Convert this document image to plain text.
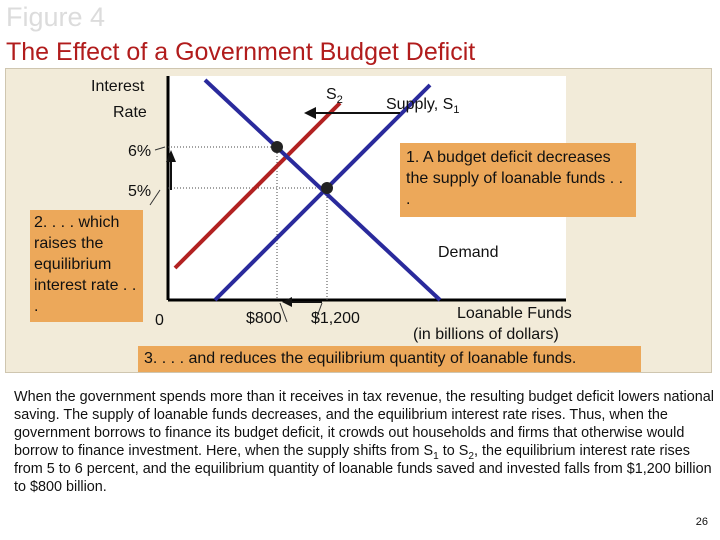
Figure 4
The Effect of a Government Budget Deficit
Interest
Rate
6%
5%
0	$800 $1,200	Loanable Funds
(in billions of dollars)
$S_2$	Supply, $S_1$
Demand
1. A budget deficit decreases the supply of loanable funds . . .
2. . . . which raises the equilibrium interest rate . . .
3. . . . and reduces the equilibrium quantity of loanable funds.
When the government spends more than it receives in tax revenue, the resulting budget deficit lowers national saving. The supply of loanable funds decreases, and the equilibrium interest rate rises. Thus, when the government borrows to finance its budget deficit, it crowds out households and firms that otherwise would borrow to finance investment. Here, when the supply shifts from $S_1$ to $S_2$, the equilibrium interest rate rises from 5 to 6 percent, and the equilibrium quantity of loanable funds saved and invested falls from $1,200 billion to $800 billion.
26
